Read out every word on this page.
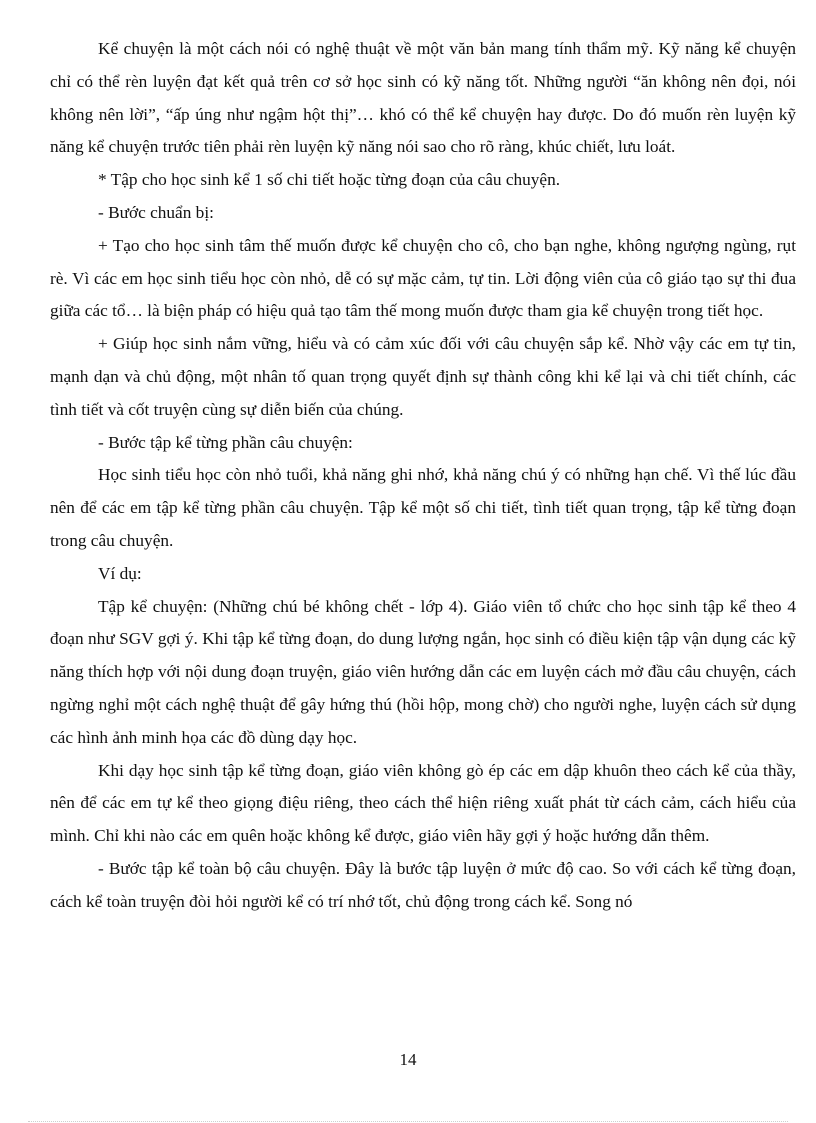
Kể chuyện là một cách nói có nghệ thuật về một văn bản mang tính thẩm mỹ. Kỹ năng kể chuyện chỉ có thể rèn luyện đạt kết quả trên cơ sở học sinh có kỹ năng tốt. Những người “ăn không nên đọi, nói không nên lời”, “ấp úng như ngậm hột thị”… khó có thể kể chuyện hay được. Do đó muốn rèn luyện kỹ năng kể chuyện trước tiên phải rèn luyện kỹ năng nói sao cho rõ ràng, khúc chiết, lưu loát.

* Tập cho học sinh kể 1 số chi tiết hoặc từng đoạn của câu chuyện.

- Bước chuẩn bị:

+ Tạo cho học sinh tâm thế muốn được kể chuyện cho cô, cho bạn nghe, không ngượng ngùng, rụt rè. Vì các em học sinh tiểu học còn nhỏ, dễ có sự mặc cảm, tự tin. Lời động viên của cô giáo tạo sự thi đua giữa các tổ… là biện pháp có hiệu quả tạo tâm thế mong muốn được tham gia kể chuyện trong tiết học.

+ Giúp học sinh nắm vững, hiểu và có cảm xúc đối với câu chuyện sắp kể. Nhờ vậy các em tự tin, mạnh dạn và chủ động, một nhân tố quan trọng quyết định sự thành công khi kể lại và chi tiết chính, các tình tiết và cốt truyện cùng sự diễn biến của chúng.

- Bước tập kể từng phần câu chuyện:

Học sinh tiểu học còn nhỏ tuổi, khả năng ghi nhớ, khả năng chú ý có những hạn chế. Vì thế lúc đầu nên để các em tập kể từng phần câu chuyện. Tập kể một số chi tiết, tình tiết quan trọng, tập kể từng đoạn trong câu chuyện.

Ví dụ:

Tập kể chuyện: (Những chú bé không chết - lớp 4). Giáo viên tổ chức cho học sinh tập kể theo 4 đoạn như SGV gợi ý. Khi tập kể từng đoạn, do dung lượng ngắn, học sinh có điều kiện tập vận dụng các kỹ năng thích hợp với nội dung đoạn truyện, giáo viên hướng dẫn các em luyện cách mở đầu câu chuyện, cách ngừng nghỉ một cách nghệ thuật để gây hứng thú (hồi hộp, mong chờ) cho người nghe, luyện cách sử dụng các hình ảnh minh họa các đồ dùng dạy học.

Khi dạy học sinh tập kể từng đoạn, giáo viên không gò ép các em dập khuôn theo cách kể của thầy, nên để các em tự kể theo giọng điệu riêng, theo cách thể hiện riêng xuất phát từ cách cảm, cách hiểu của mình. Chỉ khi nào các em quên hoặc không kể được, giáo viên hãy gợi ý hoặc hướng dẫn thêm.

- Bước tập kể toàn bộ câu chuyện. Đây là bước tập luyện ở mức độ cao. So với cách kể từng đoạn, cách kể toàn truyện đòi hỏi người kể có trí nhớ tốt, chủ động trong cách kể. Song nó

14
